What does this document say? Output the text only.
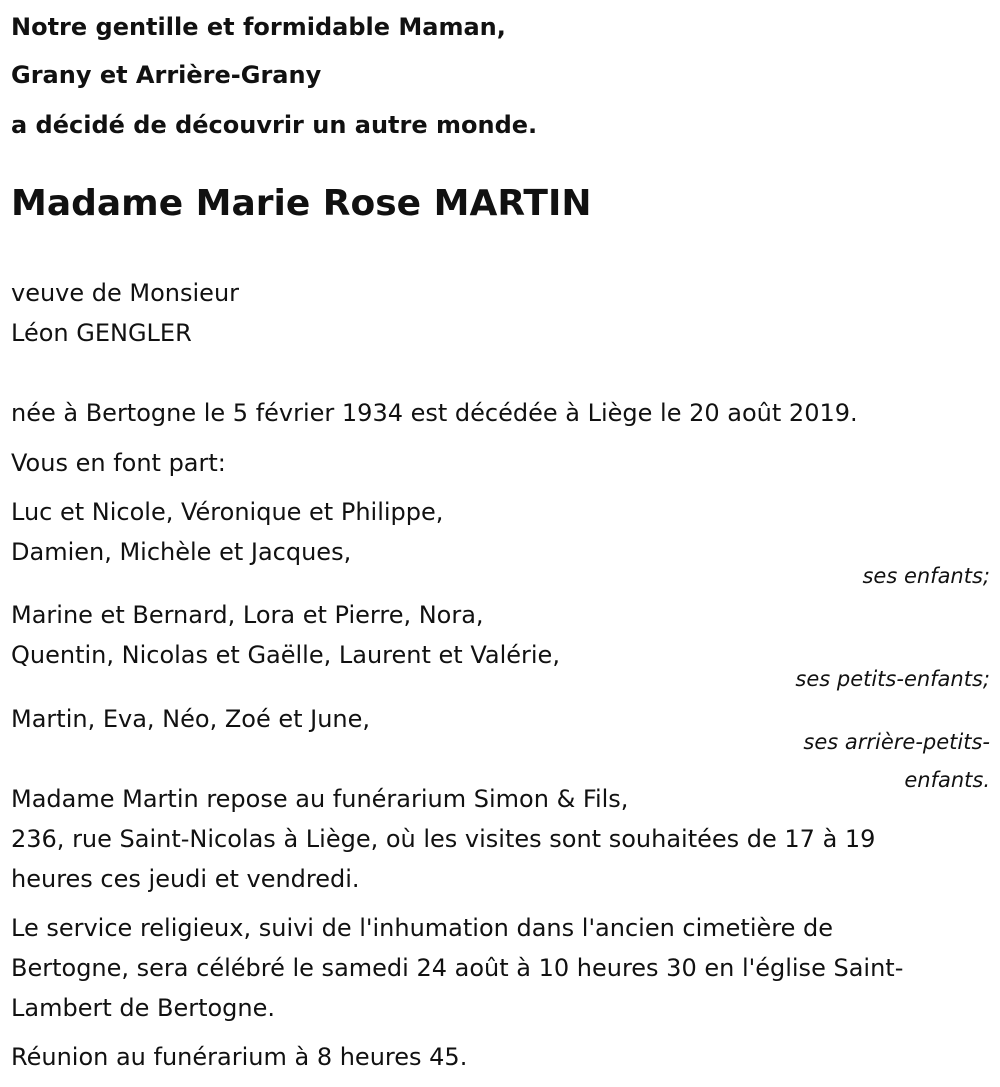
Notre gentille et formidable Maman,
Grany et Arrière-Grany
a décidé de découvrir un autre monde.
Madame Marie Rose MARTIN
veuve de Monsieur
Léon GENGLER
née à Bertogne le 5 février 1934 est décédée à Liège le 20 août 2019.
Vous en font part:
Luc et Nicole, Véronique et Philippe,
Damien, Michèle et Jacques,
ses enfants;
Marine et Bernard, Lora et Pierre, Nora,
Quentin, Nicolas et Gaëlle, Laurent et Valérie,
ses petits-enfants;
Martin, Eva, Néo, Zoé et June,
ses arrière-petits-enfants.
Madame Martin repose au funérarium Simon & Fils,
236, rue Saint-Nicolas à Liège, où les visites sont souhaitées de 17 à 19
heures ces jeudi et vendredi.
Le service religieux, suivi de l'inhumation dans l'ancien cimetière de
Bertogne, sera célébré le samedi 24 août à 10 heures 30 en l'église Saint-
Lambert de Bertogne.
Réunion au funérarium à 8 heures 45.
